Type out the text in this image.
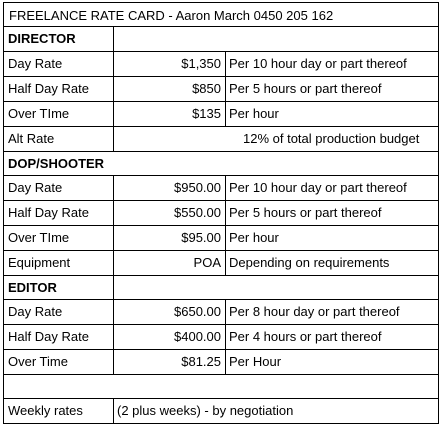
FREELANCE RATE CARD - Aaron March 0450 205 162
DIRECTOR
Day Rate	$1,350 Per 10 hour day or part thereof
Half Day Rate	$850 Per 5 hours or part thereof
Over TIme	$135 Per hour
Alt Rate	12% of total production budget
DOP/SHOOTER
Day Rate	$950.00 Per 10 hour day or part thereof
Half Day Rate	$550.00 Per 5 hours or part thereof
Over TIme	$95.00 Per hour
Equipment	POA Depending on requirements
EDITOR
Day Rate	$650.00 Per 8 hour day or part thereof
Half Day Rate	$400.00 Per 4 hours or part thereof
Over Time	$81.25 Per Hour
Weekly rates	(2 plus weeks) - by negotiation
